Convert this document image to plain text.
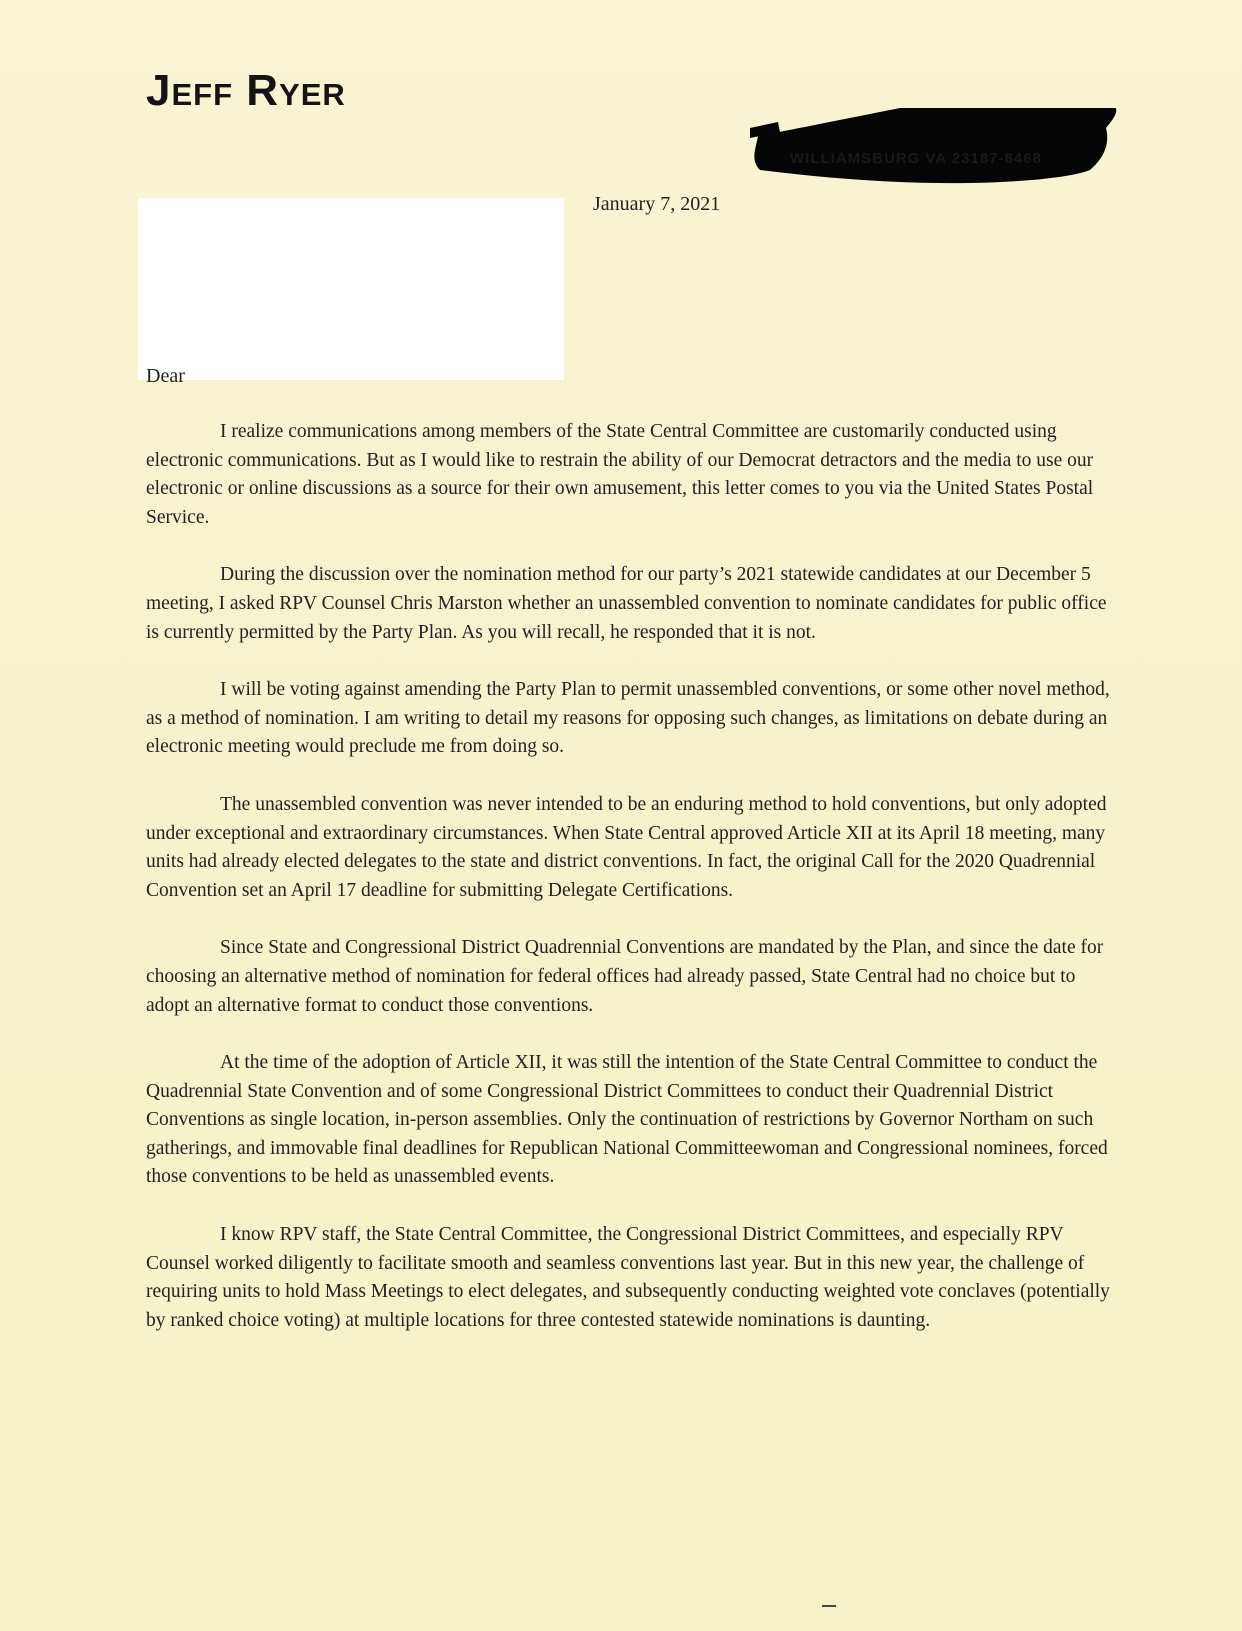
Jeff Ryer
WILLIAMSBURG VA 23187-8468
January 7, 2021
Dear

I realize communications among members of the State Central Committee are customarily conducted using electronic communications. But as I would like to restrain the ability of our Democrat detractors and the media to use our electronic or online discussions as a source for their own amusement, this letter comes to you via the United States Postal Service.

During the discussion over the nomination method for our party’s 2021 statewide candidates at our December 5 meeting, I asked RPV Counsel Chris Marston whether an unassembled convention to nominate candidates for public office is currently permitted by the Party Plan. As you will recall, he responded that it is not.

I will be voting against amending the Party Plan to permit unassembled conventions, or some other novel method, as a method of nomination. I am writing to detail my reasons for opposing such changes, as limitations on debate during an electronic meeting would preclude me from doing so.

The unassembled convention was never intended to be an enduring method to hold conventions, but only adopted under exceptional and extraordinary circumstances. When State Central approved Article XII at its April 18 meeting, many units had already elected delegates to the state and district conventions. In fact, the original Call for the 2020 Quadrennial Convention set an April 17 deadline for submitting Delegate Certifications.

Since State and Congressional District Quadrennial Conventions are mandated by the Plan, and since the date for choosing an alternative method of nomination for federal offices had already passed, State Central had no choice but to adopt an alternative format to conduct those conventions.

At the time of the adoption of Article XII, it was still the intention of the State Central Committee to conduct the Quadrennial State Convention and of some Congressional District Committees to conduct their Quadrennial District Conventions as single location, in-person assemblies. Only the continuation of restrictions by Governor Northam on such gatherings, and immovable final deadlines for Republican National Committeewoman and Congressional nominees, forced those conventions to be held as unassembled events.

I know RPV staff, the State Central Committee, the Congressional District Committees, and especially RPV Counsel worked diligently to facilitate smooth and seamless conventions last year. But in this new year, the challenge of requiring units to hold Mass Meetings to elect delegates, and subsequently conducting weighted vote conclaves (potentially by ranked choice voting) at multiple locations for three contested statewide nominations is daunting.
